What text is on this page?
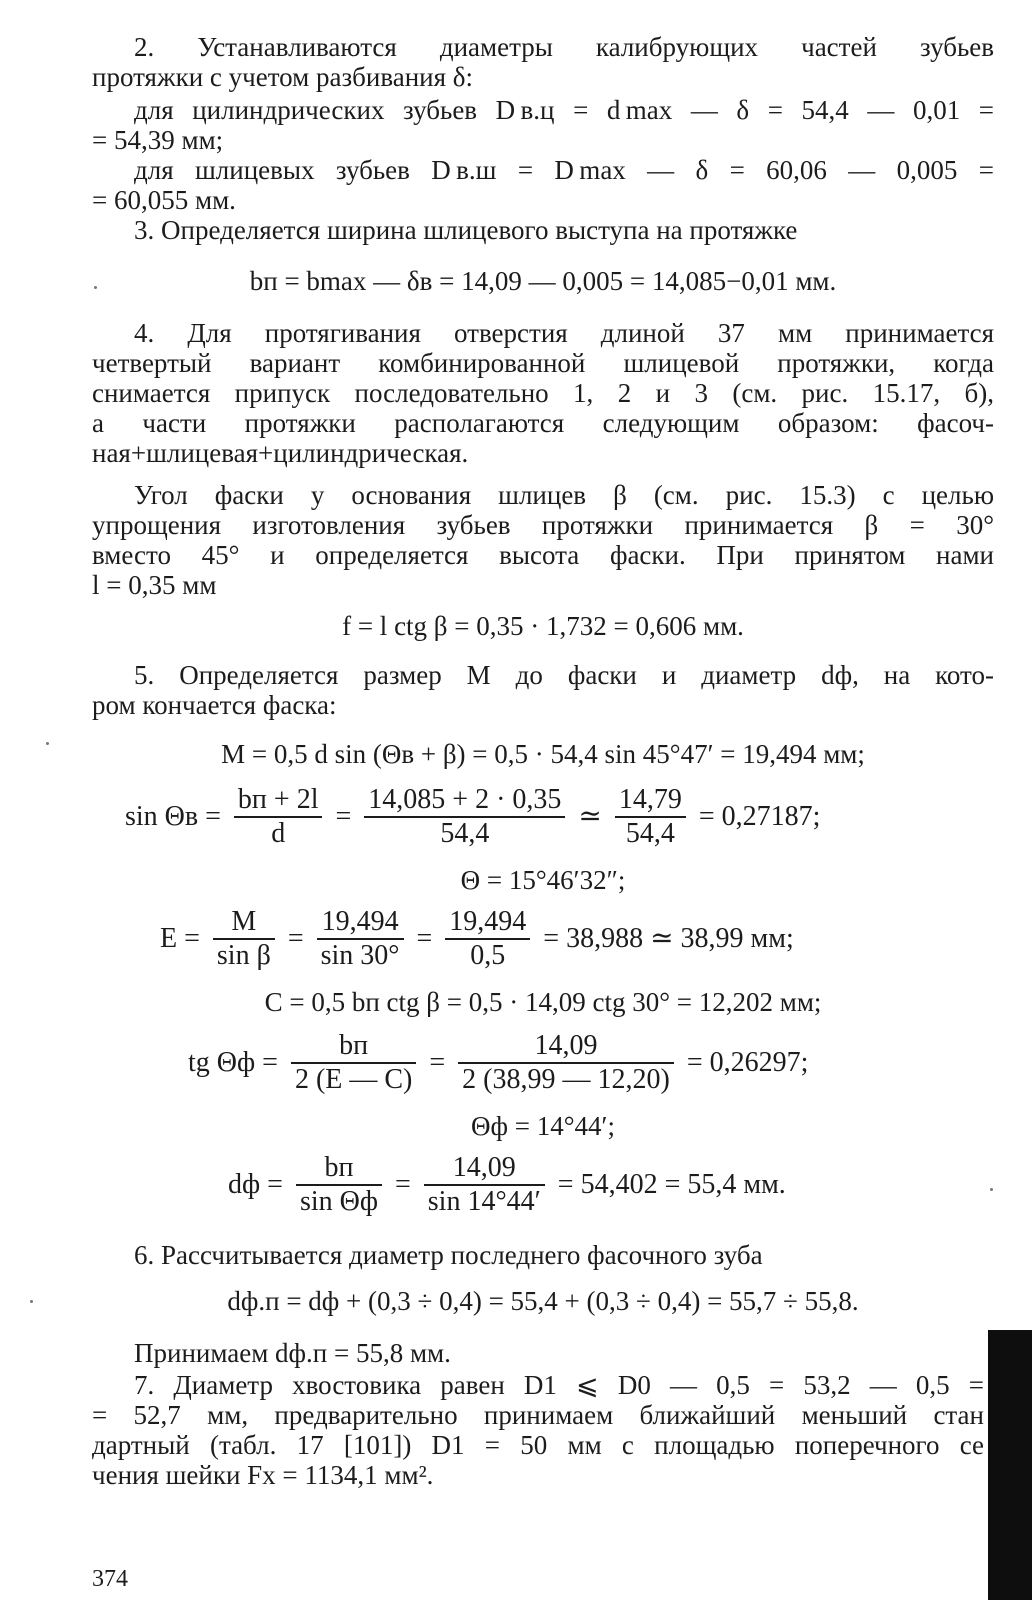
2. Устанавливаются диаметры калибрующих частей зубьев
протяжки с учетом разбивания δ:
для цилиндрических зубьев D в.ц = d max — δ = 54,4 — 0,01 =
= 54,39 мм;
для шлицевых зубьев D в.ш = D max — δ = 60,06 — 0,005 =
= 60,055 мм.
3. Определяется ширина шлицевого выступа на протяжке
bп = bmax — δв = 14,09 — 0,005 = 14,085−0,01 мм.
4. Для протягивания отверстия длиной 37 мм принимается
четвертый вариант комбинированной шлицевой протяжки, когда
снимается припуск последовательно 1, 2 и 3 (см. рис. 15.17, б),
а части протяжки располагаются следующим образом: фасоч-
ная+шлицевая+цилиндрическая.
Угол фаски у основания шлицев β (см. рис. 15.3) с целью
упрощения изготовления зубьев протяжки принимается β = 30°
вместо 45° и определяется высота фаски. При принятом нами
l = 0,35 мм
f = l ctg β = 0,35 · 1,732 = 0,606 мм.
5. Определяется размер M до фаски и диаметр dф, на кото-
ром кончается фаска:
M = 0,5 d sin (Θв + β) = 0,5 · 54,4 sin 45°47′ = 19,494 мм;
$\sin \Theta в = \frac{bп + 2l}{d} = \frac{14,085 + 2 \cdot 0,35}{54,4}$ ≃ $\frac{14,79}{54,4} = 0,27187$;
Θ = 15°46′32″;
$E = \frac{M}{\text{sin β}} = \frac{19,494}{\sin 30^\circ} = \frac{19,494}{0,5} = 38,988$ ≃ 38,99 мм;
C = 0,5 bп ctg β = 0,5 · 14,09 ctg 30° = 12,202 мм;
tg $\Theta ф = \frac{bп}{2 (E — C)} = \frac{14,09}{2 (38,99 — 12,20)} = 0,26297$;
Θф = 14°44′;
dф = $\frac{bп}{\text{sin Θф}} = \frac{14,09}{\sin 14^\circ 44'} = 54,402 = 55,4$ мм.
6. Рассчитывается диаметр последнего фасочного зуба
dф.п = dф + (0,3 ÷ 0,4) = 55,4 + (0,3 ÷ 0,4) = 55,7 ÷ 55,8.
Принимаем dф.п = 55,8 мм.
7. Диаметр хвостовика равен D1 ⩽ D0 — 0,5 = 53,2 — 0,5 =
= 52,7 мм, предварительно принимаем ближайший меньший стан
дартный (табл. 17 [101]) D1 = 50 мм с площадью поперечного се
чения шейки Fx = 1134,1 мм².
374
